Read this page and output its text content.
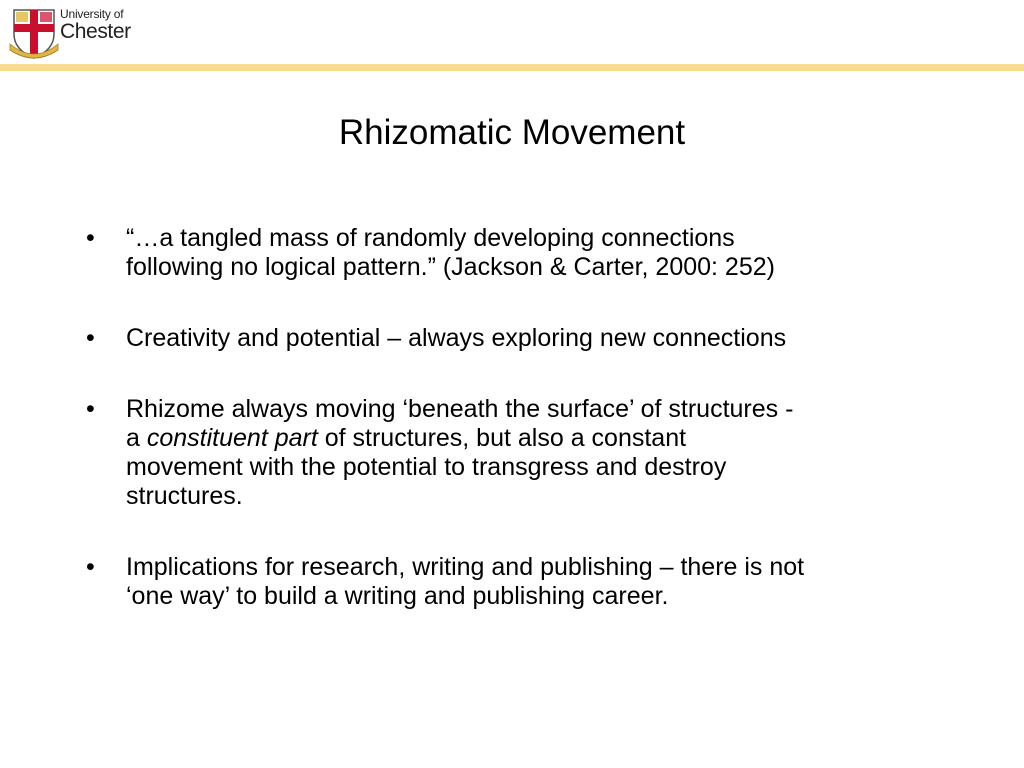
University of
Chester
Rhizomatic Movement
• “…a tangled mass of randomly developing connections
following no logical pattern.” (Jackson & Carter, 2000: 252)
• Creativity and potential – always exploring new connections
• Rhizome always moving ‘beneath the surface’ of structures -
a constituent part of structures, but also a constant
movement with the potential to transgress and destroy
structures.
• Implications for research, writing and publishing – there is not
‘one way’ to build a writing and publishing career.
